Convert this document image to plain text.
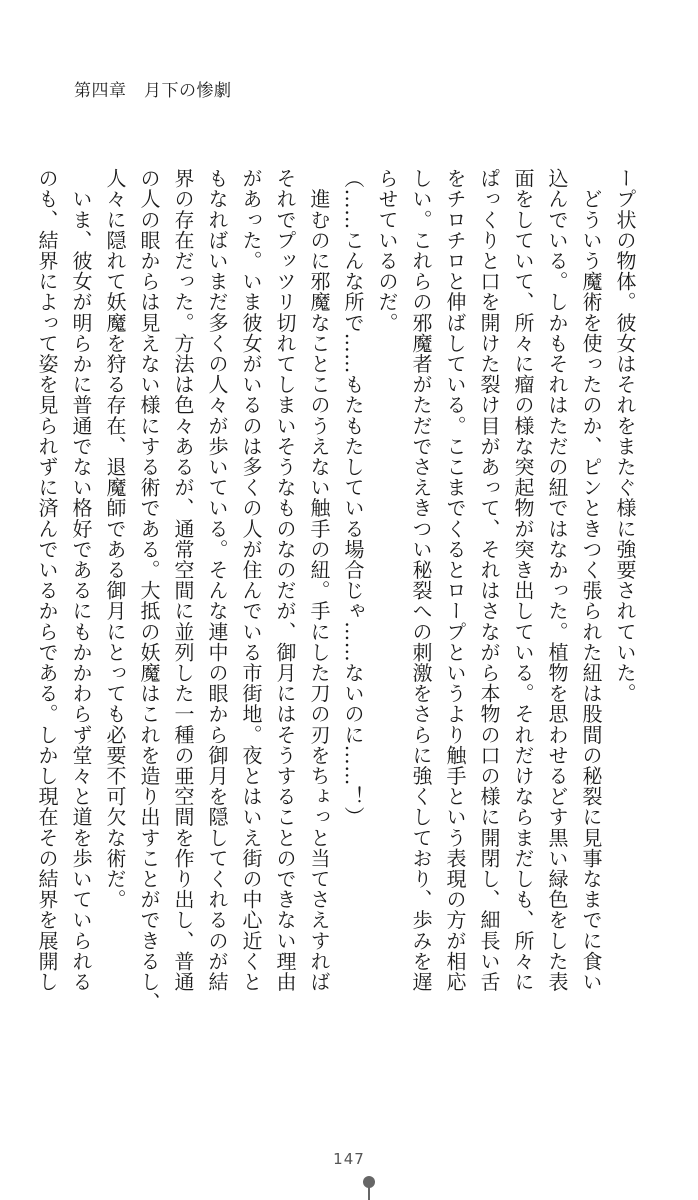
第四章　 月下の惨劇

ープ状の物体。彼女はそれをまたぐ様に強要されていた。

　どういう魔術を使ったのか、ピンときつく張られた紐は股間の秘裂に見事なまでに食い

込んでいる。しかもそれはただの紐ではなかった。植物を思わせるどす黒い緑色をした表

面をしていて、所々に瘤の様な突起物が突き出している。それだけならまだしも、所々に

ぱっくりと口を開けた裂け目があって、それはさながら本物の口の様に開閉し、細長い舌

をチロチロと伸ばしている。ここまでくるとロープというより触手という表現の方が相応

しい。これらの邪魔者がただでさえきつい秘裂への刺激をさらに強くしており、歩みを遅

らせているのだ。

（……こんな所で……もたもたしている場合じゃ……ないのに……！）

　進むのに邪魔なことこのうえない触手の紐。手にした刀の刃をちょっと当てさえすれば

それでプッツリ切れてしまいそうなものなのだが、御月にはそうすることのできない理由

があった。いま彼女がいるのは多くの人が住んでいる市街地。夜とはいえ街の中心近くと

もなればいまだ多くの人々が歩いている。そんな連中の眼から御月を隠してくれるのが結

界の存在だった。方法は色々あるが、通常空間に並列した一種の亜空間を作り出し、普通

の人の眼からは見えない様にする術である。大抵の妖魔はこれを造り出すことができるし、

人々に隠れて妖魔を狩る存在、退魔師である御月にとっても必要不可欠な術だ。

　いま、彼女が明らかに普通でない格好であるにもかかわらず堂々と道を歩いていられる

のも、結界によって姿を見られずに済んでいるからである。しかし現在その結界を展開し

147
